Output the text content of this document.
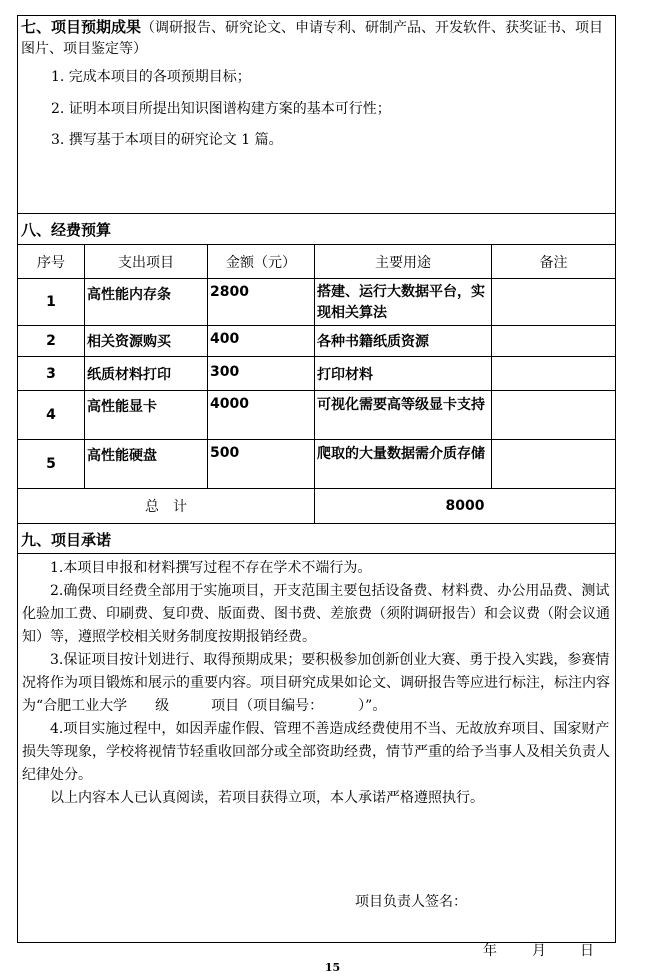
七、项目预期成果（调研报告、研究论文、申请专利、研制产品、开发软件、获奖证书、项目图片、项目鉴定等）
1. 完成本项目的各项预期目标；
2. 证明本项目所提出知识图谱构建方案的基本可行性；
3. 撰写基于本项目的研究论文 1 篇。
八、经费预算
序号	支出项目	金额（元）	主要用途	备注
1	高性能内存条	2800	搭建、运行大数据平台，实现相关算法
2	相关资源购买	400	各种书籍纸质资源
3	纸质材料打印	300	打印材料
4	高性能显卡	4000	可视化需要高等级显卡支持
5	高性能硬盘	500	爬取的大量数据需介质存储
总　计	8000
九、项目承诺
1.本项目申报和材料撰写过程不存在学术不端行为。
2.确保项目经费全部用于实施项目，开支范围主要包括设备费、材料费、办公用品费、测试化验加工费、印刷费、复印费、版面费、图书费、差旅费（须附调研报告）和会议费（附会议通知）等，遵照学校相关财务制度按期报销经费。
3.保证项目按计划进行、取得预期成果；要积极参加创新创业大赛、勇于投入实践，参赛情况将作为项目锻炼和展示的重要内容。项目研究成果如论文、调研报告等应进行标注，标注内容为“合肥工业大学　　级　　　项目（项目编号：　　　）”。
4.项目实施过程中，如因弄虚作假、管理不善造成经费使用不当、无故放弃项目、国家财产损失等现象，学校将视情节轻重收回部分或全部资助经费，情节严重的给予当事人及相关负责人纪律处分。
以上内容本人已认真阅读，若项目获得立项，本人承诺严格遵照执行。
项目负责人签名：
年	月 日
15
